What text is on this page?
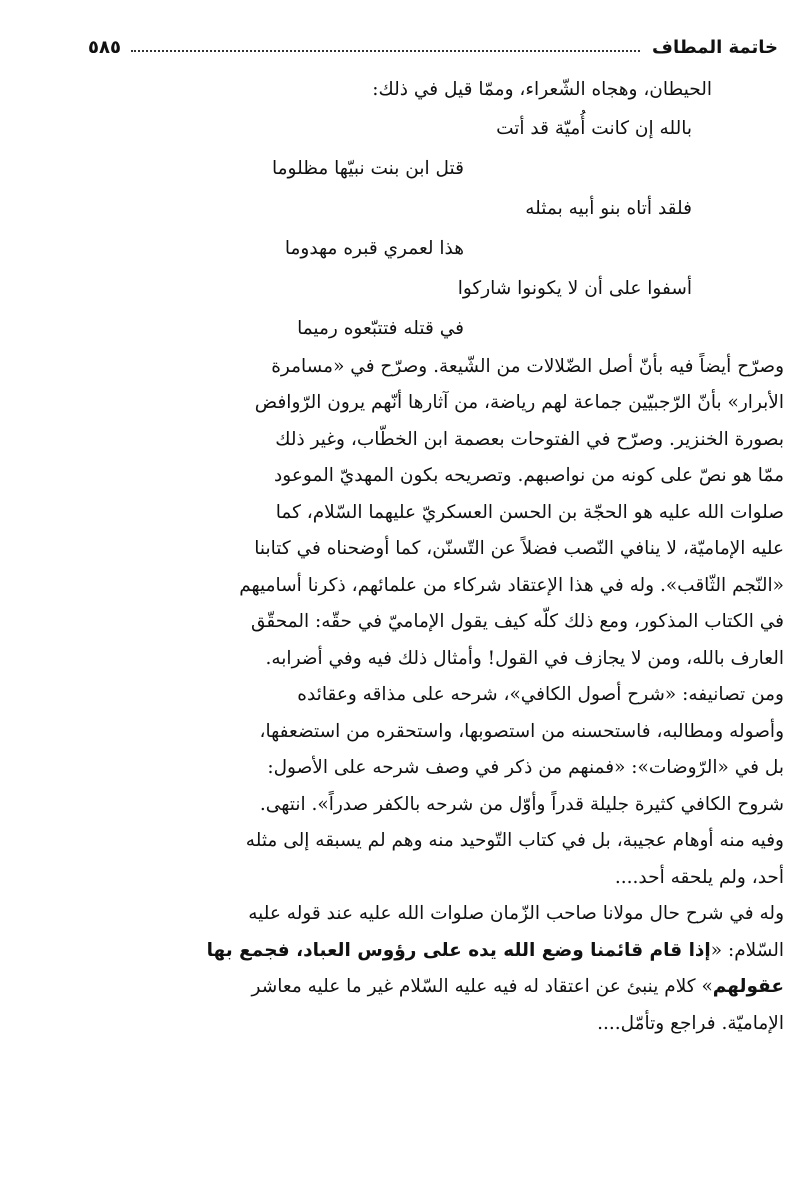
خاتمة المطاف
٥٨٥
الحيطان، وهجاه الشّعراء، وممّا قيل في ذلك:
بالله إن كانت أُميّة قد أتت
قتل ابن بنت نبيّها مظلوما
فلقد أتاه بنو أبيه بمثله
هذا لعمري قبره مهدوما
أسفوا على أن لا يكونوا شاركوا
في قتله فتتبّعوه رميما
وصرّح أيضاً فيه بأنّ أصل الضّلالات من الشّيعة. وصرّح في «مسامرة
الأبرار» بأنّ الرّجبيّين جماعة لهم رياضة، من آثارها أنّهم يرون الرّوافض
بصورة الخنزير. وصرّح في الفتوحات بعصمة ابن الخطّاب، وغير ذلك
ممّا هو نصّ على كونه من نواصبهم. وتصريحه بكون المهديّ الموعود
صلوات الله عليه هو الحجّة بن الحسن العسكريّ عليهما السّلام، كما
عليه الإماميّة، لا ينافي النّصب فضلاً عن التّسنّن، كما أوضحناه في كتابنا
«النّجم الثّاقب». وله في هذا الإعتقاد شركاء من علمائهم، ذكرنا أساميهم
في الكتاب المذكور، ومع ذلك كلّه كيف يقول الإماميّ في حقّه: المحقّق
العارف بالله، ومن لا يجازف في القول! وأمثال ذلك فيه وفي أضرابه.
ومن تصانيفه: «شرح أصول الكافي»، شرحه على مذاقه وعقائده
وأصوله ومطالبه، فاستحسنه من استصوبها، واستحقره من استضعفها،
بل في «الرّوضات»: «فمنهم من ذكر في وصف شرحه على الأصول:
شروح الكافي كثيرة جليلة قدراً وأوّل من شرحه بالكفر صدراً». انتهى.
وفيه منه أوهام عجيبة، بل في كتاب التّوحيد منه وهم لم يسبقه إلى مثله
أحد، ولم يلحقه أحد....
وله في شرح حال مولانا صاحب الزّمان صلوات الله عليه عند قوله عليه
السّلام: «إذا قام قائمنا وضع الله يده على رؤوس العباد، فجمع بها
عقولهم» كلام ينبئ عن اعتقاد له فيه عليه السّلام غير ما عليه معاشر
الإماميّة. فراجع وتأمّل....
